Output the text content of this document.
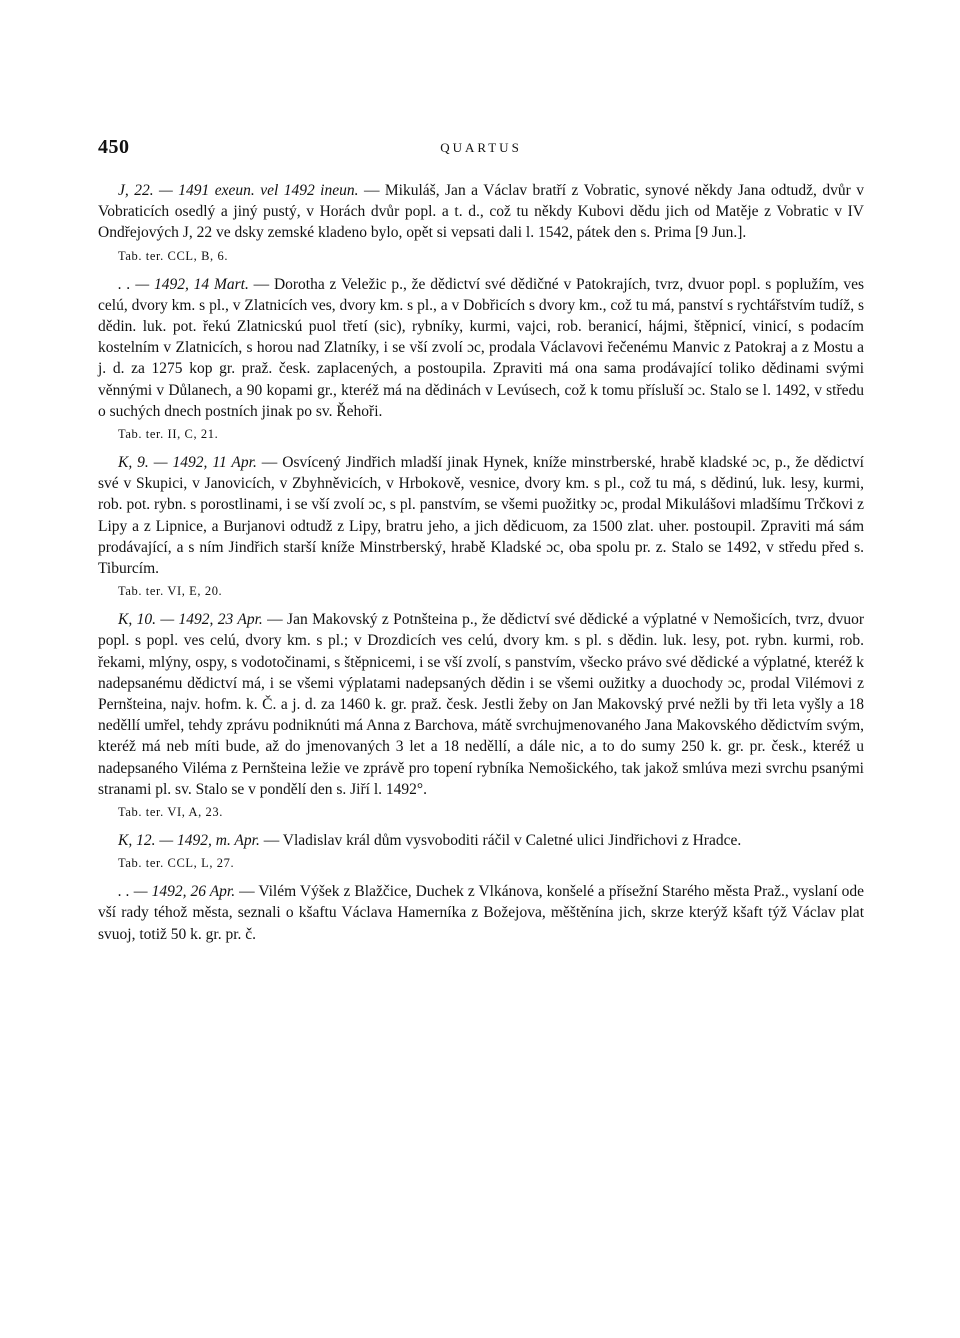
450	QUARTUS

J, 22. — 1491 exeun. vel 1492 ineun. — Mikuláš, Jan a Václav bratří z Vobratic, synové někdy Jana odtudž, dvůr v Vobraticích osedlý a jiný pustý, v Horách dvůr popl. a t. d., což tu někdy Kubovi dědu jich od Matěje z Vobratic v IV Ondřejových J, 22 ve dsky zemské kladeno bylo, opět si vepsati dali l. 1542, pátek den s. Prima [9 Jun.].

Tab. ter. CCL, B, 6.

. . — 1492, 14 Mart. — Dorotha z Veležic p., že dědictví své dědičné v Patokrajích, tvrz, dvuor popl. s poplužím, ves celú, dvory km. s pl., v Zlatnicích ves, dvory km. s pl., a v Dobřicích s dvory km., což tu má, panství s rychtářstvím tudíž, s dědin. luk. pot. řekú Zlatnicskú puol třetí (sic), rybníky, kurmi, vajci, rob. beranicí, hájmi, štěpnicí, vinicí, s podacím kostelním v Zlatnicích, s horou nad Zlatníky, i se vší zvolí ɔc, prodala Václavovi řečenému Manvic z Patokraj a z Mostu a j. d. za 1275 kop gr. praž. česk. zaplacených, a postoupila. Zpraviti má ona sama prodávající toliko dědinami svými věnnými v Důlanech, a 90 kopami gr., kteréž má na dědinách v Levúsech, což k tomu přísluší ɔc. Stalo se l. 1492, v středu o suchých dnech postních jinak po sv. Řehoři.

Tab. ter. II, C, 21.

K, 9. — 1492, 11 Apr. — Osvícený Jindřich mladší jinak Hynek, kníže minstrberské, hrabě kladské ɔc, p., že dědictví své v Skupici, v Janovicích, v Zbyhněvicích, v Hrbokově, vesnice, dvory km. s pl., což tu má, s dědinú, luk. lesy, kurmi, rob. pot. rybn. s porostlinami, i se vší zvolí ɔc, s pl. panstvím, se všemi puožitky ɔc, prodal Mikulášovi mladšímu Trčkovi z Lipy a z Lipnice, a Burjanovi odtudž z Lipy, bratru jeho, a jich dědicuom, za 1500 zlat. uher. postoupil. Zpraviti má sám prodávající, a s ním Jindřich starší kníže Minstrberský, hrabě Kladské ɔc, oba spolu pr. z. Stalo se 1492, v středu před s. Tiburcím.

Tab. ter. VI, E, 20.

K, 10. — 1492, 23 Apr. — Jan Makovský z Potnšteina p., že dědictví své dědické a výplatné v Nemošicích, tvrz, dvuor popl. s popl. ves celú, dvory km. s pl.; v Drozdicích ves celú, dvory km. s pl. s dědin. luk. lesy, pot. rybn. kurmi, rob. řekami, mlýny, ospy, s vodotočinami, s štěpnicemi, i se vší zvolí, s panstvím, všecko právo své dědické a výplatné, kteréž k nadepsanému dědictví má, i se všemi výplatami nadepsaných dědin i se všemi oužitky a duochody ɔc, prodal Vilémovi z Pernšteina, najv. hofm. k. Č. a j. d. za 1460 k. gr. praž. česk. Jestli žeby on Jan Makovský prvé nežli by tři leta vyšly a 18 neděllí umřel, tehdy zprávu podniknúti má Anna z Barchova, mátě svrchujmenovaného Jana Makovského dědictvím svým, kteréž má neb míti bude, až do jmenovaných 3 let a 18 neděllí, a dále nic, a to do sumy 250 k. gr. pr. česk., kteréž u nadepsaného Viléma z Pernšteina ležie ve zprávě pro topení rybníka Nemošického, tak jakož smlúva mezi svrchu psanými stranami pl. sv. Stalo se v pondělí den s. Jiří l. 1492°.

Tab. ter. VI, A, 23.

K, 12. — 1492, m. Apr. — Vladislav král dům vysvoboditi ráčil v Caletné ulici Jindřichovi z Hradce.

Tab. ter. CCL, L, 27.

. . — 1492, 26 Apr. — Vilém Výšek z Blažčice, Duchek z Vlkánova, konšelé a přísežní Starého města Praž., vyslaní ode vší rady téhož města, seznali o kšaftu Václava Hamerníka z Božejova, měštěnína jich, skrze kterýž kšaft týž Václav plat svuoj, totiž 50 k. gr. pr. č.
